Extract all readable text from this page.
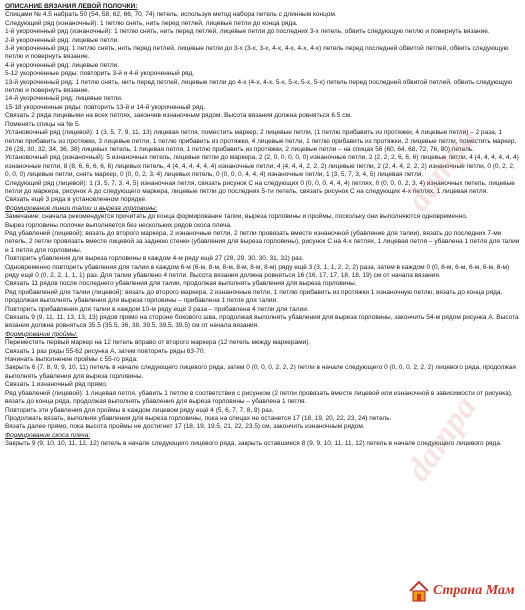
ОПИСАНИЕ ВЯЗАНИЯ ЛЕВОЙ ПОЛОЧКИ:

Спицами № 4.5 набрать 50 (54, 58, 62, 66, 70, 74) петель, используя метод набора петель с длинным концом.

Следующий ряд (изнаночный): 1 петлю снять, нить перед петлей, лицевые петли до конца ряда.

1-й укороченный ряд (изнаночный): 1 петлю снять, нить перед петлей, лицевые петли до последних 3-х петель, обвить следующую петлю и повернуть вязание.

2-й укороченный ряд: лицевые петли.

3-й укороченный ряд: 1 петлю снять, нить перед петлей, лицевые петли до 3-х (3-х, 3-х, 4-х, 4-х, 4-х, 4-х) петель перед последней обвитой петлей, обвить следующую петлю и повернуть вязание.

4-й укороченный ряд: лицевые петли.

5-12 укороченные ряды: повторить 3-й и 4-й укороченный ряд.

13-й укороченный ряд: 1 петлю снять, нить перед петлей, лицевые петли до 4-х (4-х, 4-х, 5-х, 5-х, 5-х, 5-х) петель перед последней обвитой петлей, обвить следующую петлю и повернуть вязание.

14-й укороченный ряд: лицевые петли.

15-18 укороченные ряды: повторить 13-й и 14-й укороченный ряд.

Связать 2 ряда лицевыми на всех петлях, закончив изнаночным рядом. Высота вязания должна ровняться 6.5 см.

Поменять спицы на № 5.

Установочный ряд (лицевой): 1 (3, 5, 7, 9, 11, 13) лицевая петля, поместить маркер, 2 лицевые петли, (1 петлю прибавить из протяжки, 4 лицевые петли) – 2 раза, 1 петлю прибавить из протяжки, 3 лицевые петли, 1 петлю прибавить из протяжки, 4 лицевые петли, 1 петлю прибавить из протяжки, 2 лицевые петли, поместить маркер, 26 (28, 30, 32, 34, 36, 38) лицевых петель, 1 лицевая петля, 1 петлю прибавить из протяжки, 2 лицевые петли – на спицах 56 (60, 64, 68, 72, 76, 80) петель.

Установочный ряд (изнаночный): 5 изнаночных петель, лицевые петли до маркера, 2 (2, 0, 0, 0, 0, 0) изнаночные петли, 2 (2, 2, 2, 6, 6, 6) лицевые петли, 4 (4, 4, 4, 4, 4, 4) изнаночные петли, 8 (8, 6, 6, 6, 6, 6) лицевых петель, 4 (4, 4, 4, 4, 4, 4) изнаночные петли, 4 (4, 4, 4, 2, 2, 2) лицевые петли, 2 (2, 4, 4, 2, 2, 2) изнаночные петли, 0 (0, 2, 2, 0, 0, 0) лицевые петли, снять маркер, 0 (0, 0, 2, 3, 4) лицевых петель, 0 (0, 0, 0, 4, 4, 4) изнаночные петли, 1 (3, 5, 7, 3, 4, 5) лицевая петля.

Следующий ряд (лицевой): 1 (3, 5, 7, 3, 4, 5) изнаночная петля, связать рисунок С на следующих 0 (0, 0, 0, 4, 4, 4) петлях, 0 (0, 0, 0, 2, 3, 4) изнаночных петель, лицевые петли до маркера, рисунок А до следующего маркера, лицевые петли до последних 5-ти петель, связать рисунок С на следующих 4-х петлях, 1 лицевая петля.

Связать ещё 3 ряда в установленном порядке.

Формирование линии талии и выреза горловины:

Замечание: сначала рекомендуется прочитать до конца формирование талии, выреза горловины и проймы, поскольку они выполняются одновременно.

Вырез горловины полочки выполняется без нескольких рядов скоса плеча.

Ряд убавлений (лицевой): вязать до второго маркера, 2 изнаночные петли, 2 петли провязать вместе изнаночной (убавление для талии), вязать до последних 7-ми петель, 2 петли провязать вместе лицевой за заднюю стенки (убавления для выреза горловины), рисунок С на 4-х петлях, 1 лицевая петля – убавлена 1 петля для талии и 1 петля для горловины.

Повторить убавления для выреза горловины в каждом 4-м ряду ещё 27 (28, 29, 30, 30, 31, 32) раз.

Одновременно повторить убавления для талии в каждом 6-м (6-м, 8-м, 8-м, 8-м, 8-м, 8-м) ряду ещё 3 (3, 1, 1, 2, 2, 2) раза, затем в каждом 0 (0, 6-м, 6-м, 6-м, 6-м, 6-м) ряду ещё 0 (0, 2, 2, 1, 1, 1) раз. Для талии убавлено 4 петли. Высота вязания должна ровняться 16 (16, 17, 17, 18, 18, 19) см от начала вязания.

Связать 11 рядов после последнего убавления для талии, продолжая выполнять убавления для выреза горловины.

Ряд прибавлений для талии (лицевой): вязать до второго маркера, 2 изнаночные петли, 1 петлю прибавить из протяжки 1 изнаночную петлю, вязать до конца ряда, продолжая выполнять убавления для выреза горловины – прибавлена 1 петля для талии.

Повторить прибавления для талии в каждом 10-м ряду ещё 3 раза – прибавлена 4 петли для талии.

Связать 9 (9, 11, 11, 13, 13, 13) рядов прямо на стороне бокового шва, продолжая выполнять убавления для выреза горловины, закончить 54-м рядом рисунка А. Высота вязания должна ровняться 35.5 (35.5, 36, 38, 39.5, 39.5, 39.5) см от начала вязания.

Формирование проймы:

Переместить первый маркер на 12 петель вправо от второго маркера (12 петель между маркерами).

Связать 1 раз ряды 55-62 рисунка А, затем повторять ряды 63-70.

Начинать выполнение проймы с 55-го ряда:

Закрыть 6 (7, 8, 9, 9, 10, 11) петель в начале следующего лицевого ряда, затем 0 (0, 0, 0, 2, 2, 2) петли в начале следующего 0 (0, 0, 0, 2, 2, 2) лицевого ряда, продолжая выполнять убавления для выреза горловины.

Связать 1 изнаночный ряд прямо.

Ряд убавлений (лицевой): 1 лицевая петля, убавить 1 петлю в соответствии с рисунком (2 петли провязать вместе лицевой или изнаночной в зависимости от рисунка), вязать до конца ряда, продолжая выполнять убавления для выреза горловины – убавлена 1 петля.

Повторить эти убавления для проймы в каждом лицевом ряду ещё 4 (5, 6, 7, 7, 8, 9) раз.

Продолжать вязать, выполняя убавления для выреза горловины, пока на спицах не останется 17 (18, 19, 20, 22, 23, 24) петель.

Вязать далее прямо, пока высота проймы не достигнет 17 (18, 19, 19.5, 21, 22, 23.5) см, закончить изнаночным рядом.

Формирование скоса плеча:

Закрыть 9 (9, 10, 10, 11, 12, 12) петель в начале следующего лицевого ряда, закрыть оставшиеся 8 (9, 9, 10, 11, 11, 12) петель в начале следующего лицевого ряда.

dampa
dampa
Страна Мам
